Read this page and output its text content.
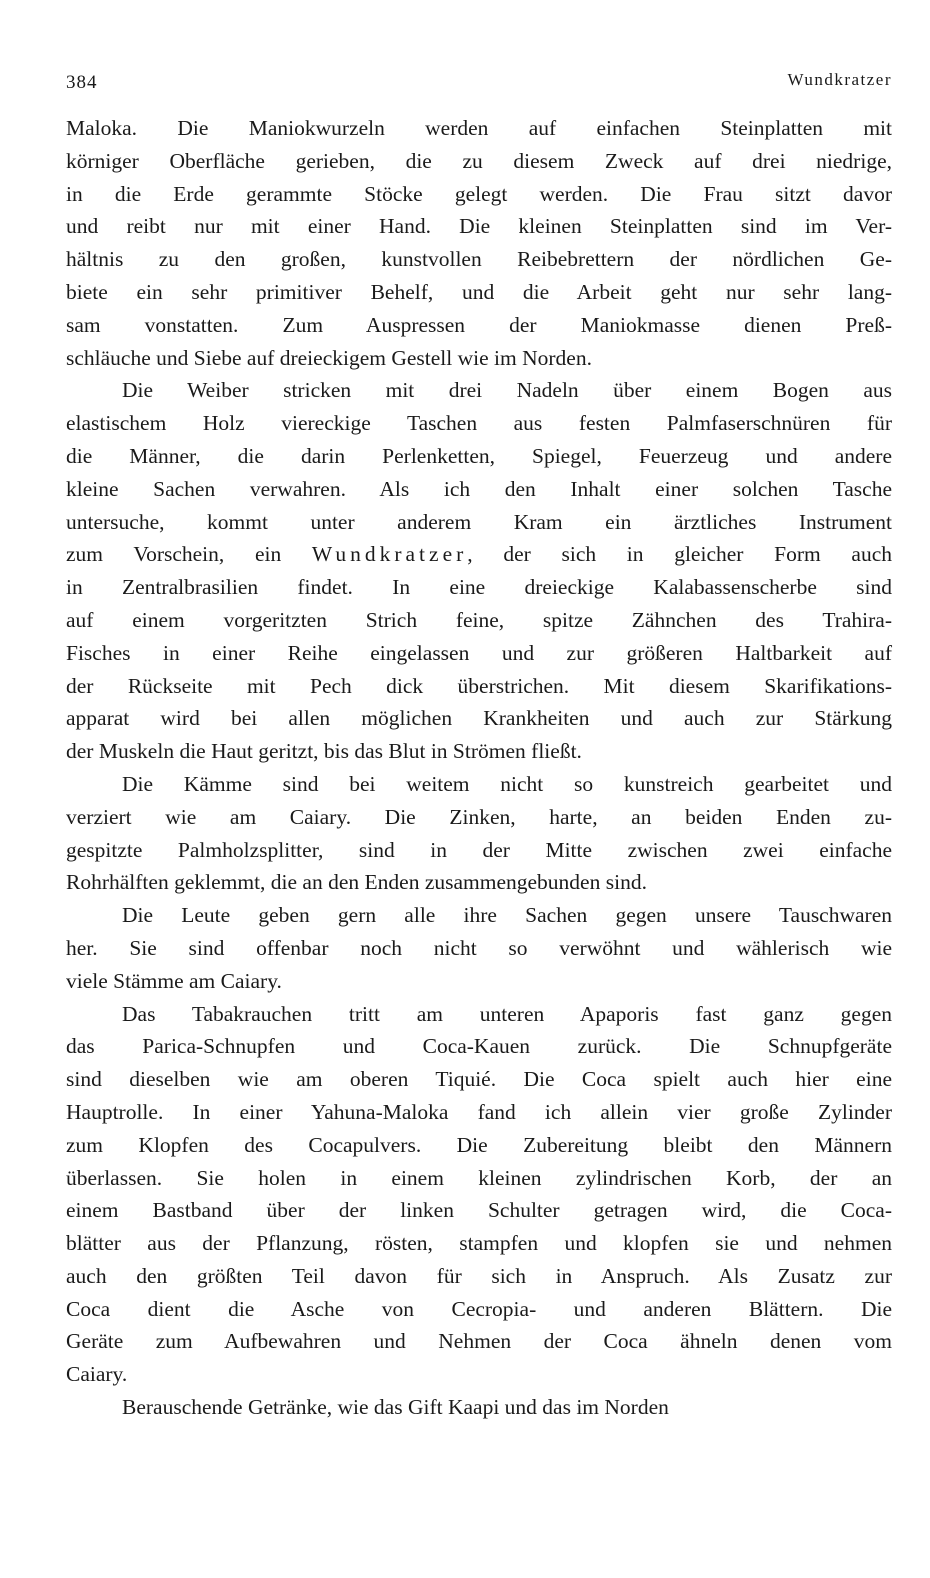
384	Wundkratzer
Maloka. Die Maniokwurzeln werden auf einfachen Steinplatten mit
körniger Oberfläche gerieben, die zu diesem Zweck auf drei niedrige,
in die Erde gerammte Stöcke gelegt werden. Die Frau sitzt davor
und reibt nur mit einer Hand. Die kleinen Steinplatten sind im Ver-
hältnis zu den großen, kunstvollen Reibebrettern der nördlichen Ge-
biete ein sehr primitiver Behelf, und die Arbeit geht nur sehr lang-
sam vonstatten. Zum Auspressen der Maniokmasse dienen Preß-
schläuche und Siebe auf dreieckigem Gestell wie im Norden.
Die Weiber stricken mit drei Nadeln über einem Bogen aus
elastischem Holz viereckige Taschen aus festen Palmfaserschnüren für
die Männer, die darin Perlenketten, Spiegel, Feuerzeug und andere
kleine Sachen verwahren. Als ich den Inhalt einer solchen Tasche
untersuche, kommt unter anderem Kram ein ärztliches Instrument
zum Vorschein, ein Wundkratzer, der sich in gleicher Form auch
in Zentralbrasilien findet. In eine dreieckige Kalabassenscherbe sind
auf einem vorgeritzten Strich feine, spitze Zähnchen des Trahira-
Fisches in einer Reihe eingelassen und zur größeren Haltbarkeit auf
der Rückseite mit Pech dick überstrichen. Mit diesem Skarifikations-
apparat wird bei allen möglichen Krankheiten und auch zur Stärkung
der Muskeln die Haut geritzt, bis das Blut in Strömen fließt.
Die Kämme sind bei weitem nicht so kunstreich gearbeitet und
verziert wie am Caiary. Die Zinken, harte, an beiden Enden zu-
gespitzte Palmholzsplitter, sind in der Mitte zwischen zwei einfache
Rohrhälften geklemmt, die an den Enden zusammengebunden sind.
Die Leute geben gern alle ihre Sachen gegen unsere Tauschwaren
her. Sie sind offenbar noch nicht so verwöhnt und wählerisch wie
viele Stämme am Caiary.
Das Tabakrauchen tritt am unteren Apaporis fast ganz gegen
das Parica-Schnupfen und Coca-Kauen zurück. Die Schnupfgeräte
sind dieselben wie am oberen Tiquié. Die Coca spielt auch hier eine
Hauptrolle. In einer Yahuna-Maloka fand ich allein vier große Zylinder
zum Klopfen des Cocapulvers. Die Zubereitung bleibt den Männern
überlassen. Sie holen in einem kleinen zylindrischen Korb, der an
einem Bastband über der linken Schulter getragen wird, die Coca-
blätter aus der Pflanzung, rösten, stampfen und klopfen sie und nehmen
auch den größten Teil davon für sich in Anspruch. Als Zusatz zur
Coca dient die Asche von Cecropia- und anderen Blättern. Die
Geräte zum Aufbewahren und Nehmen der Coca ähneln denen vom
Caiary.
Berauschende Getränke, wie das Gift Kaapi und das im Norden
